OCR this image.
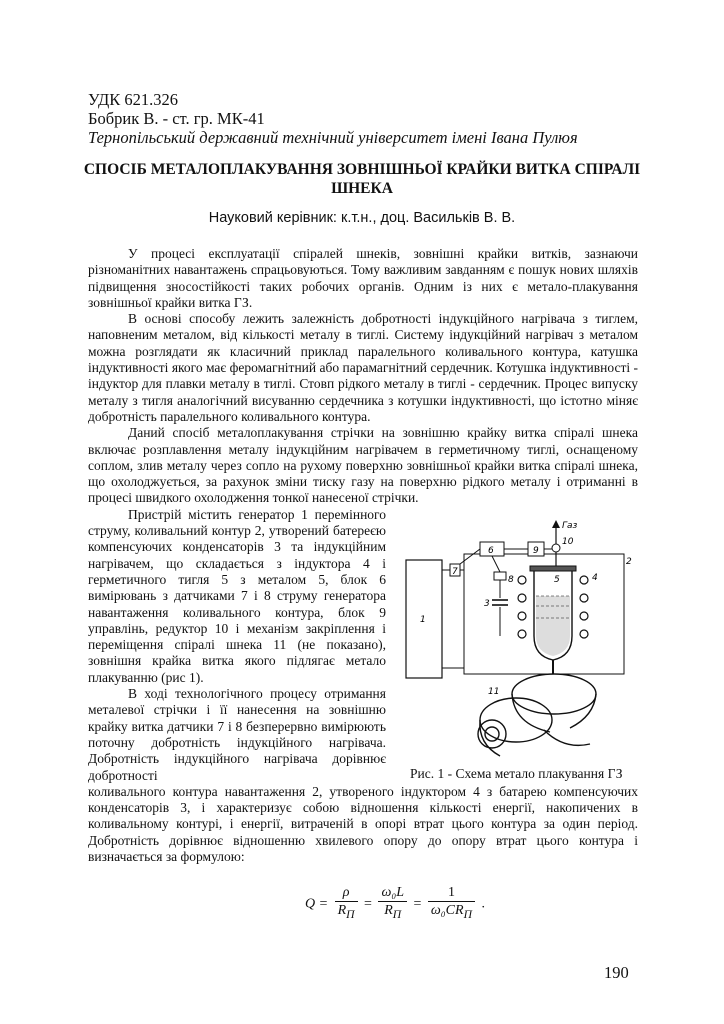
УДК 621.326
Бобрик В. - ст. гр. МК-41
Тернопільський державний технічний університет імені Івана Пулюя
СПОСІБ МЕТАЛОПЛАКУВАННЯ ЗОВНІШНЬОЇ КРАЙКИ ВИТКА СПІРАЛІ ШНЕКА
Науковий керівник: к.т.н., доц. Васильків В. В.

У процесі експлуатації спіралей шнеків, зовнішні крайки витків, зазнаючи різноманітних навантажень спрацьовуються. Тому важливим завданням є пошук нових шляхів підвищення зносостійкості таких робочих органів. Одним із них є метало-плакування зовнішньої крайки витка ГЗ.

В основі способу лежить залежність добротності індукційного нагрівача з тиглем, наповненим металом, від кількості металу в тиглі. Систему індукційний нагрівач з металом можна розглядати як класичний приклад паралельного коливального контура, катушка індуктивності якого має феромагнітний або парамагнітний сердечник. Котушка індуктивності - індуктор для плавки металу в тиглі. Стовп рідкого металу в тиглі - сердечник. Процес випуску металу з тигля аналогічний висуванню сердечника з котушки індуктивності, що істотно міняє добротність паралельного коливального контура.

Даний спосіб металоплакування стрічки на зовнішню крайку витка спіралі шнека включає розплавлення металу індукційним нагрівачем в герметичному тиглі, оснащеному соплом, злив металу через сопло на рухому поверхню зовнішньої крайки витка спіралі шнека, що охолоджується, за рахунок зміни тиску газу на поверхню рідкого металу і отриманні в процесі швидкого охолодження тонкої нанесеної стрічки.

Пристрій містить генератор 1 перемінного струму, коливальний контур 2, утворений батереєю компенсуючих конденсаторів 3 та індукційним нагрівачем, що складається з індуктора 4 і герметичного тигля 5 з металом 5, блок 6 вимірювань з датчиками 7 і 8 струму генератора навантаження коливального контура, блок 9 управлінь, редуктор 10 і механізм закріплення і переміщення спіралі шнека 11 (не показано), зовнішня крайка витка якого підлягає метало плакуванню (рис 1).

В ході технологічного процесу отримання металевої стрічки і її нанесення на зовнішню крайку витка датчики 7 і 8 безперервно вимірюють поточну добротність індукційного нагрівача. Добротність індукційного нагрівача дорівнює добротності

коливального контура навантаження 2, утвореного індуктором 4 з батарею компенсуючих конденсаторів 3, і характеризує собою відношення кількості енергії, накопичених в коливальному контурі, і енергії, витраченій в опорі втрат цього контура за один період. Добротність дорівнює відношенню хвилевого опору до опору втрат цього контура і визначається за формулою:

1
2
6	9
7
8
3
4
5
Газ
10
11
Рис. 1 - Схема метало плакування ГЗ
$Q = \frac{\rho}{R_П} = \frac{\text{ω₀L}}{R_П} = \frac{1}{\omega_0CR_П}$ .
190
